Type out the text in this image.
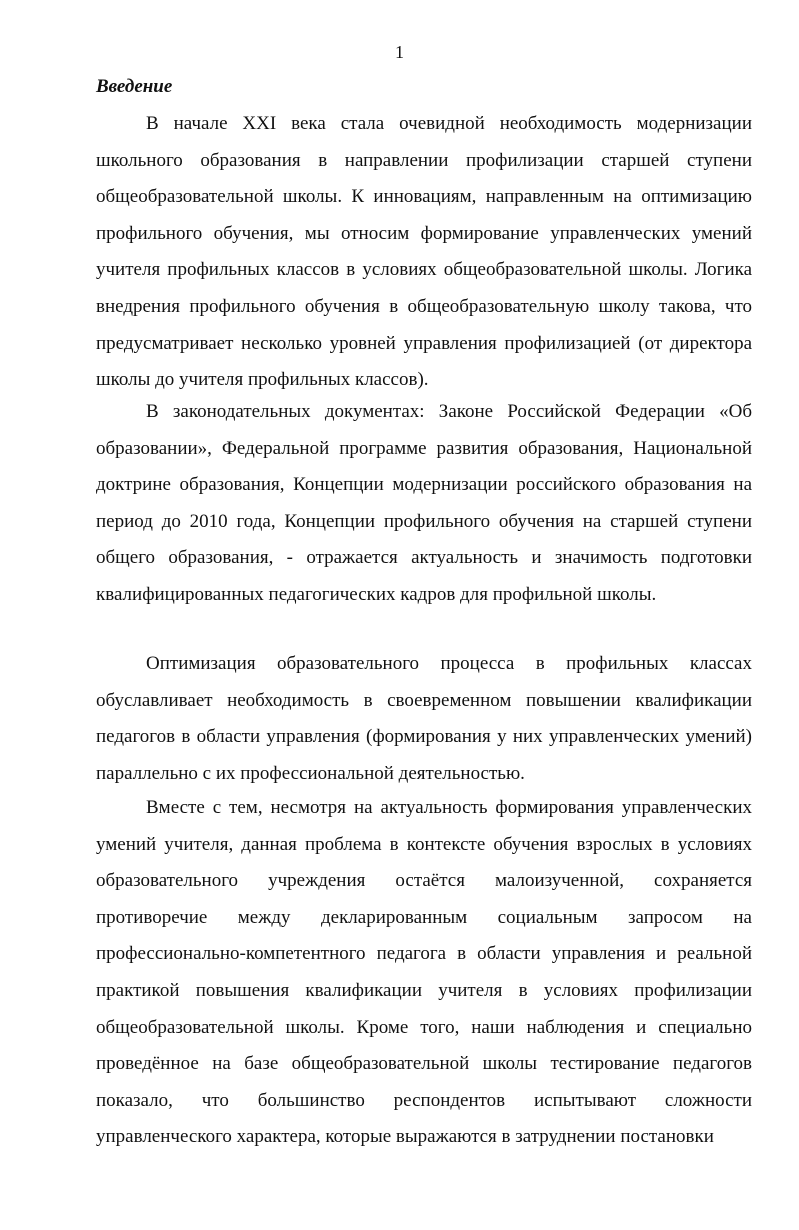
1
Введение

В начале XXI века стала очевидной необходимость модернизации школьного образования в направлении профилизации старшей ступени общеобразовательной школы. К инновациям, направленным на оптимизацию профильного обучения, мы относим формирование управленческих умений учителя профильных классов в условиях общеобразовательной школы. Логика внедрения профильного обучения в общеобразовательную школу такова, что предусматривает несколько уровней управления профилизацией (от директора школы до учителя профильных классов).

В законодательных документах: Законе Российской Федерации «Об образовании», Федеральной программе развития образования, Национальной доктрине образования, Концепции модернизации российского образования на период до 2010 года, Концепции профильного обучения на старшей ступени общего образования, - отражается актуальность и значимость подготовки квалифицированных педагогических кадров для профильной школы.

Оптимизация образовательного процесса в профильных классах обуславливает необходимость в своевременном повышении квалификации педагогов в области управления (формирования у них управленческих умений) параллельно с их профессиональной деятельностью.

Вместе с тем, несмотря на актуальность формирования управленческих умений учителя, данная проблема в контексте обучения взрослых в условиях образовательного учреждения остаётся малоизученной, сохраняется противоречие между декларированным социальным запросом на профессионально-компетентного педагога в области управления и реальной практикой повышения квалификации учителя в условиях профилизации общеобразовательной школы. Кроме того, наши наблюдения и специально проведённое на базе общеобразовательной школы тестирование педагогов показало, что большинство респондентов испытывают сложности управленческого характера, которые выражаются в затруднении постановки
